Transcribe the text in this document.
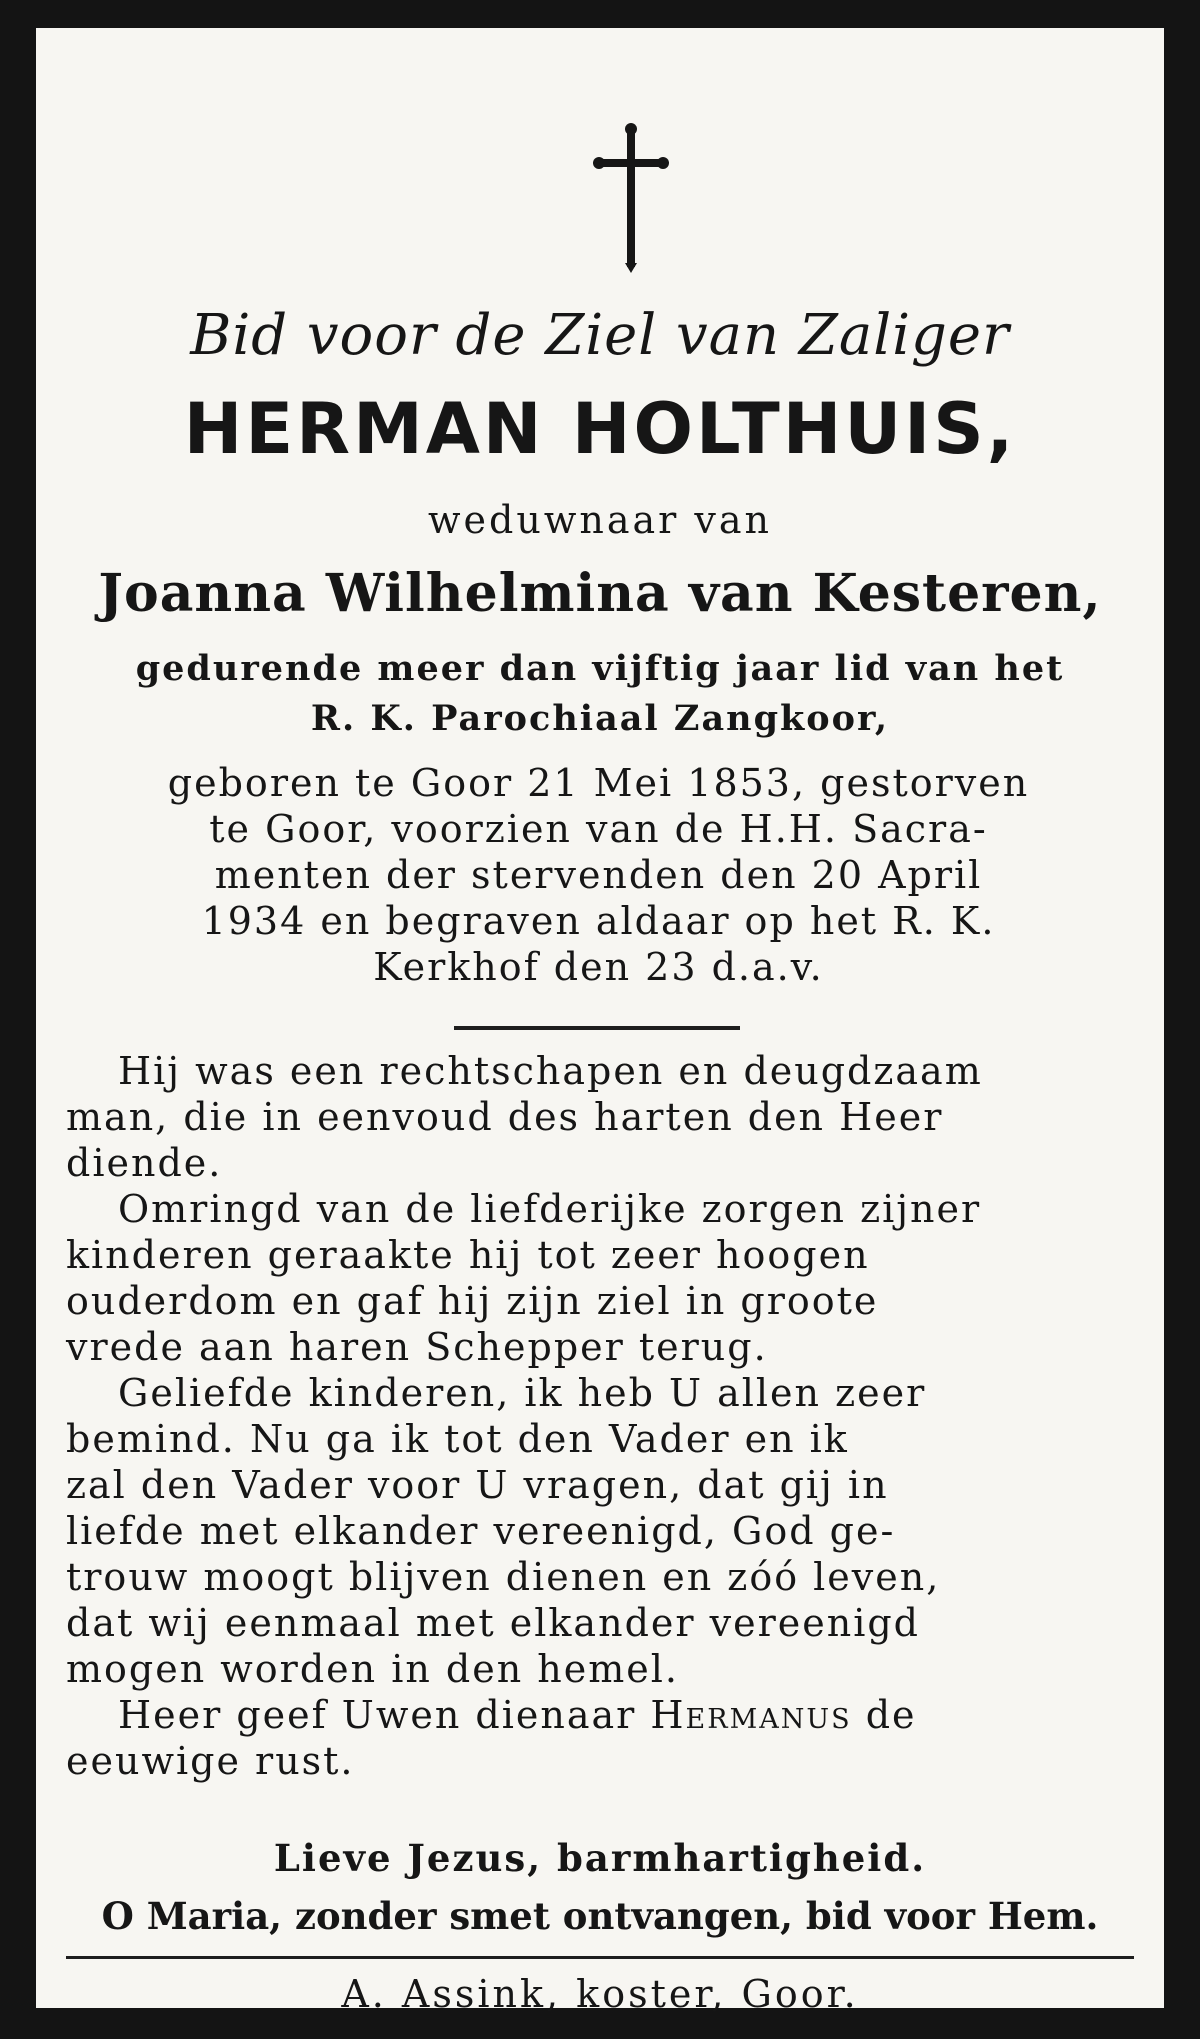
Bid voor de Ziel van Zaliger

HERMAN HOLTHUIS,

weduwnaar van

Joanna Wilhelmina van Kesteren,

gedurende meer dan vijftig jaar lid van het

R. K. Parochiaal Zangkoor,

geboren te Goor 21 Mei 1853, gestorven

te Goor, voorzien van de H.H. Sacra-

menten der stervenden den 20 April

1934 en begraven aldaar op het R. K.

Kerkhof den 23 d.a.v.

Hij was een rechtschapen en deugdzaam

man, die in eenvoud des harten den Heer

diende.

Omringd van de liefderijke zorgen zijner

kinderen geraakte hij tot zeer hoogen

ouderdom en gaf hij zijn ziel in groote

vrede aan haren Schepper terug.

Geliefde kinderen, ik heb U allen zeer

bemind. Nu ga ik tot den Vader en ik

zal den Vader voor U vragen, dat gij in

liefde met elkander vereenigd, God ge-

trouw moogt blijven dienen en zóó leven,

dat wij eenmaal met elkander vereenigd

mogen worden in den hemel.

Heer geef Uwen dienaar Hermanus de

eeuwige rust.

Lieve Jezus, barmhartigheid.

O Maria, zonder smet ontvangen, bid voor Hem.

A. Assink, koster, Goor.
